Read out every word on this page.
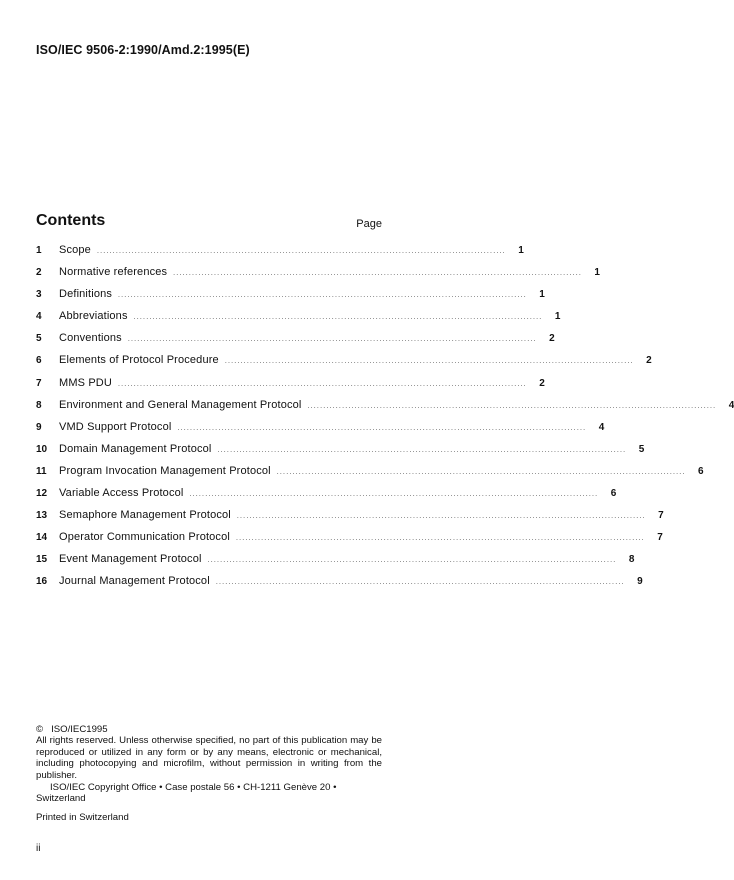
ISO/IEC 9506-2:1990/Amd.2:1995(E)
Contents	Page
1	Scope ..................................................................................................................................	1
2	Normative references ..................................................................................................................................	1
3	Definitions ..................................................................................................................................	1
4	Abbreviations ..................................................................................................................................	1
5	Conventions ..................................................................................................................................	2
6	Elements of Protocol Procedure ..................................................................................................................................	2
7	MMS PDU ..................................................................................................................................	2
8	Environment and General Management Protocol ..................................................................................................................................	4
9	VMD Support Protocol ..................................................................................................................................	4
10	Domain Management Protocol ..................................................................................................................................	5
11	Program Invocation Management Protocol ..................................................................................................................................	6
12	Variable Access Protocol ..................................................................................................................................	6
13	Semaphore Management Protocol ..................................................................................................................................	7
14	Operator Communication Protocol ..................................................................................................................................	7
15	Event Management Protocol ..................................................................................................................................	8
16	Journal Management Protocol ..................................................................................................................................	9
© ISO/IEC1995
All rights reserved. Unless otherwise specified, no part of this publication may be reproduced or utilized in any form or by any means, electronic or mechanical, including photocopying and microfilm, without permission in writing from the publisher.
ISO/IEC Copyright Office • Case postale 56 • CH-1211 Genève 20 •
Switzerland
Printed in Switzerland
ii
